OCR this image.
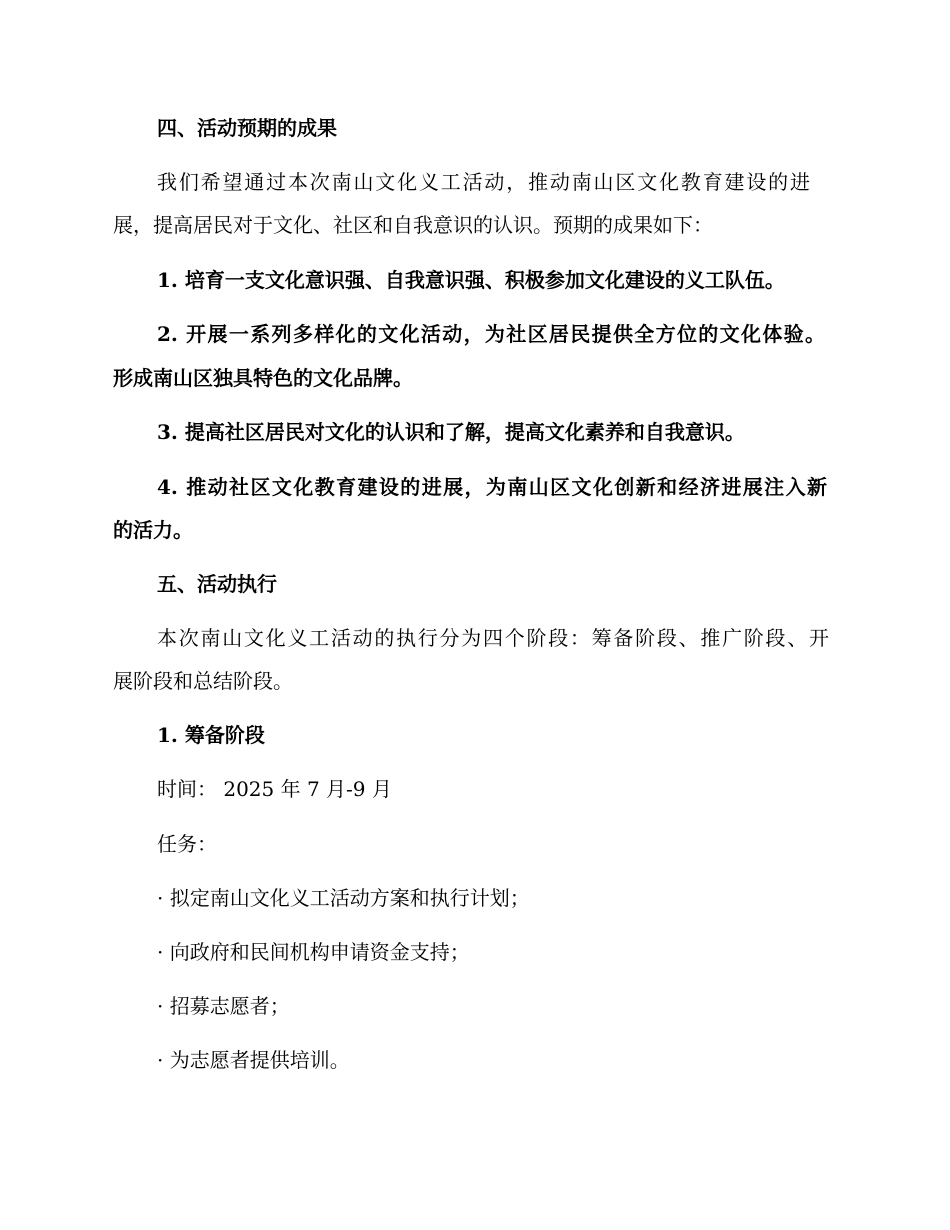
四、活动预期的成果
我们希望通过本次南山文化义工活动，推动南山区文化教育建设的进
展，提高居民对于文化、社区和自我意识的认识。预期的成果如下：
1. 培育一支文化意识强、自我意识强、积极参加文化建设的义工队伍。
2. 开展一系列多样化的文化活动，为社区居民提供全方位的文化体验。
形成南山区独具特色的文化品牌。
3. 提高社区居民对文化的认识和了解，提高文化素养和自我意识。
4. 推动社区文化教育建设的进展，为南山区文化创新和经济进展注入新
的活力。
五、活动执行
本次南山文化义工活动的执行分为四个阶段：筹备阶段、推广阶段、开
展阶段和总结阶段。
1. 筹备阶段
时间： 2025 年 7 月-9 月
任务：
· 拟定南山文化义工活动方案和执行计划；
· 向政府和民间机构申请资金支持；
· 招募志愿者；
· 为志愿者提供培训。
